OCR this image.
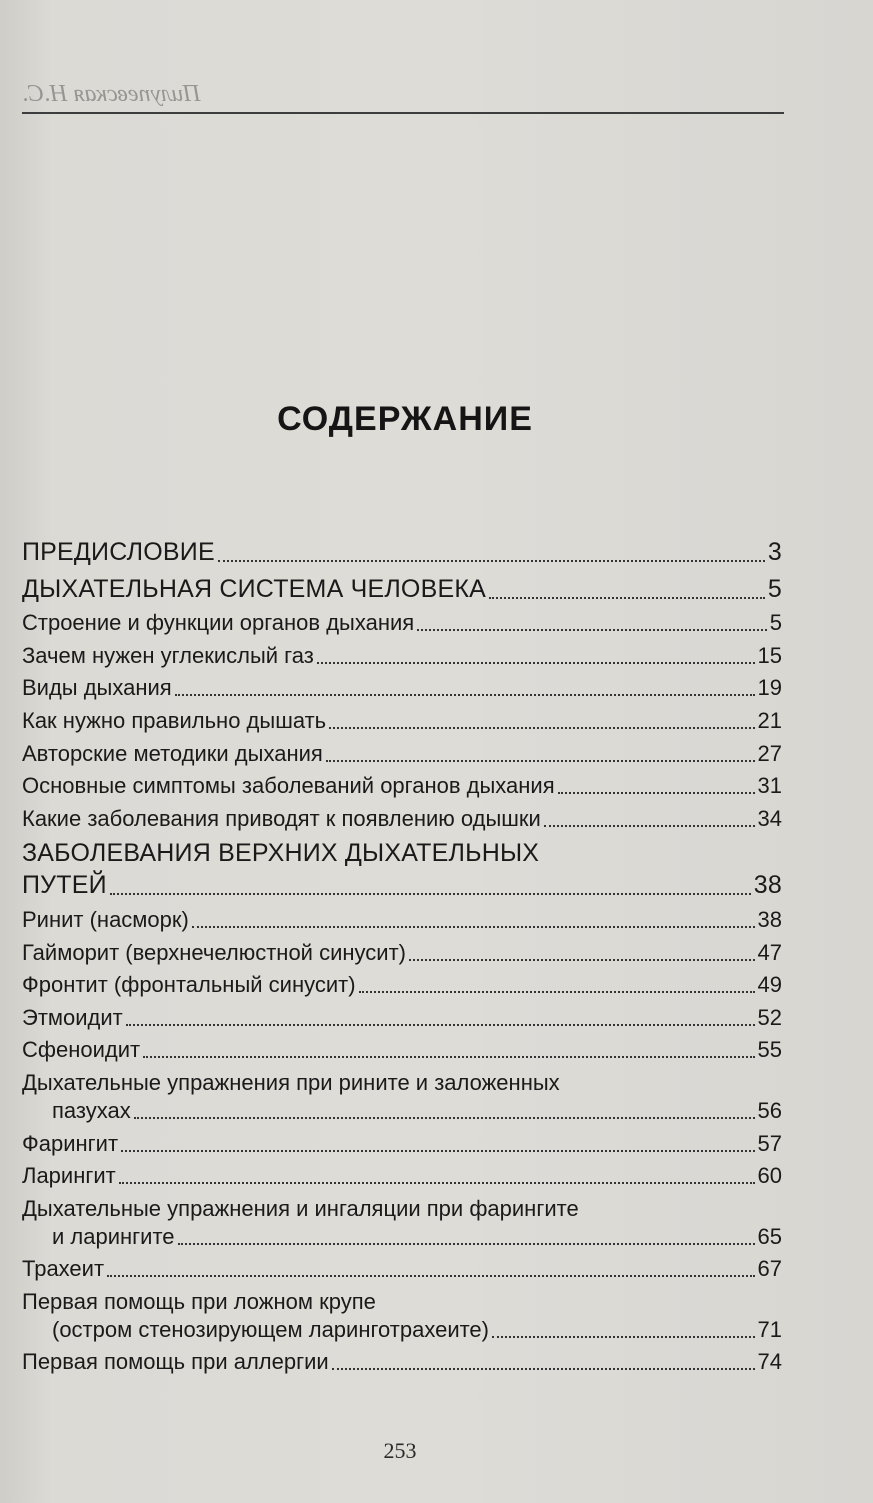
Пилупевская Н.С.
СОДЕРЖАНИЕ
ПРЕДИСЛОВИЕ	3
ДЫХАТЕЛЬНАЯ СИСТЕМА ЧЕЛОВЕКА	5
Строение и функции органов дыхания	5
Зачем нужен углекислый газ	15
Виды дыхания	19
Как нужно правильно дышать	21
Авторские методики дыхания	27
Основные симптомы заболеваний органов дыхания	31
Какие заболевания приводят к появлению одышки	34
ЗАБОЛЕВАНИЯ ВЕРХНИХ ДЫХАТЕЛЬНЫХ
ПУТЕЙ	38
Ринит (насморк)	38
Гайморит (верхнечелюстной синусит)	47
Фронтит (фронтальный синусит)	49
Этмоидит	52
Сфеноидит	55
Дыхательные упражнения при рините и заложенных
пазухах	56
Фарингит	57
Ларингит	60
Дыхательные упражнения и ингаляции при фарингите
и ларингите	65
Трахеит	67
Первая помощь при ложном крупе
(остром стенозирующем ларинготрахеите)	71
Первая помощь при аллергии	74
253
